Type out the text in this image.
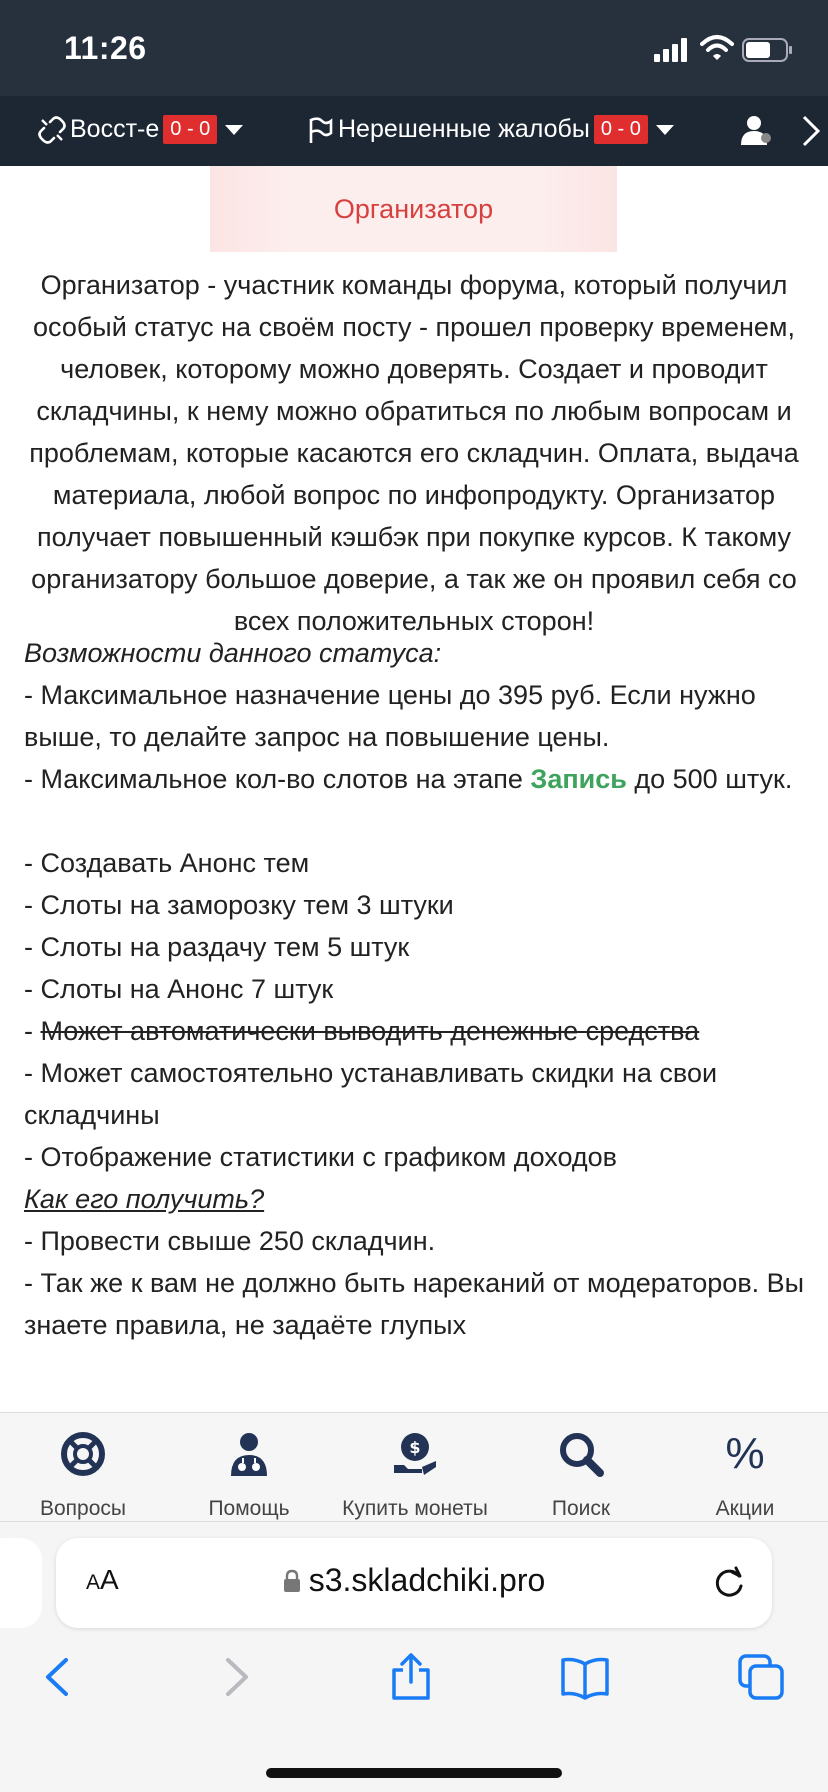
11:26
Восст-е 0 - 0	Нерешенные жалобы 0 - 0
Организатор

Организатор - участник команды форума, который получил особый статус на своём посту - прошел проверку временем, человек, которому можно доверять. Создает и проводит складчины, к нему можно обратиться по любым вопросам и проблемам, которые касаются его складчин. Оплата, выдача материала, любой вопрос по инфопродукту. Организатор получает повышенный кэшбэк при покупке курсов. К такому организатору большое доверие, а так же он проявил себя со всех положительных сторон!

Возможности данного статуса:

- Максимальное назначение цены до 395 руб. Если нужно выше, то делайте запрос на повышение цены.

- Максимальное кол-во слотов на этапе Запись до 500 штук.

- Создавать Анонс тем

- Слоты на заморозку тем 3 штуки

- Слоты на раздачу тем 5 штук

- Слоты на Анонс 7 штук

- Может автоматически выводить денежные средства

- Может самостоятельно устанавливать скидки на свои складчины

- Отображение статистики с графиком доходов

Как его получить?

- Провести свыше 250 складчин.

- Так же к вам не должно быть нареканий от модераторов. Вы знаете правила, не задаёте глупых

Вопросы	Помощь
$
Купить монеты	Поиск
%
Акции
AA	s3.skladchiki.pro
